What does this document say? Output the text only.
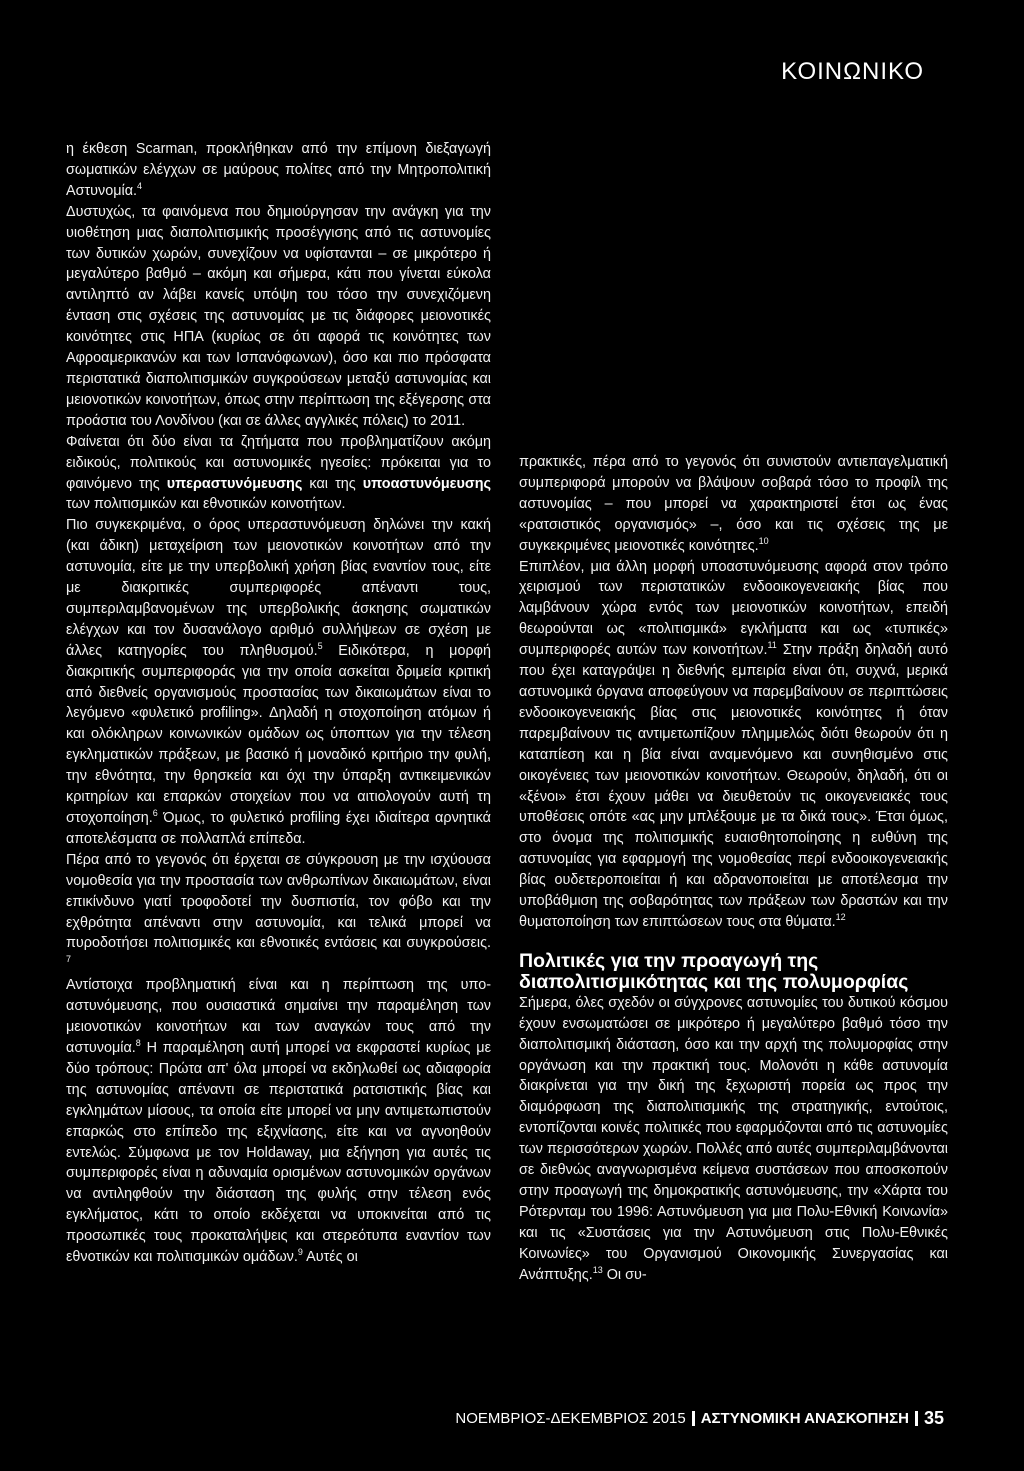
ΚΟΙΝΩΝΙΚΟ

η έκθεση Scarman, προκλήθηκαν από την επίμονη διεξαγωγή σωματικών ελέγχων σε μαύρους πολίτες από την Μητροπολιτική Αστυνομία.$^4$

Δυστυχώς, τα φαινόμενα που δημιούργησαν την ανάγκη για την υιοθέτηση μιας διαπολιτισμικής προσέγγισης από τις αστυνομίες των δυτικών χωρών, συνεχίζουν να υφίστανται – σε μικρότερο ή μεγαλύτερο βαθμό – ακόμη και σήμερα, κάτι που γίνεται εύκολα αντιληπτό αν λάβει κανείς υπόψη του τόσο την συνεχιζόμενη ένταση στις σχέσεις της αστυνομίας με τις διάφορες μειονοτικές κοινότητες στις ΗΠΑ (κυρίως σε ότι αφορά τις κοινότητες των Αφροαμερικανών και των Ισπανόφωνων), όσο και πιο πρόσφατα περιστατικά διαπολιτισμικών συγκρούσεων μεταξύ αστυνομίας και μειονοτικών κοινοτήτων, όπως στην περίπτωση της εξέγερσης στα προάστια του Λονδίνου (και σε άλλες αγγλικές πόλεις) το 2011.

Φαίνεται ότι δύο είναι τα ζητήματα που προβληματίζουν ακόμη ειδικούς, πολιτικούς και αστυνομικές ηγεσίες: πρόκειται για το φαινόμενο της υπεραστυνόμευσης και της υποαστυνόμευσης των πολιτισμικών και εθνοτικών κοινοτήτων.

Πιο συγκεκριμένα, ο όρος υπεραστυνόμευση δηλώνει την κακή (και άδικη) μεταχείριση των μειονοτικών κοινοτήτων από την αστυνομία, είτε με την υπερβολική χρήση βίας εναντίον τους, είτε με διακριτικές συμπεριφορές απέναντι τους, συμπεριλαμβανομένων της υπερβολικής άσκησης σωματικών ελέγχων και τον δυσανάλογο αριθμό συλλήψεων σε σχέση με άλλες κατηγορίες του πληθυσμού.$^5$ Ειδικότερα, η μορφή διακριτικής συμπεριφοράς για την οποία ασκείται δριμεία κριτική από διεθνείς οργανισμούς προστασίας των δικαιωμάτων είναι το λεγόμενο «φυλετικό profiling». Δηλαδή η στοχοποίηση ατόμων ή και ολόκληρων κοινωνικών ομάδων ως ύποπτων για την τέλεση εγκληματικών πράξεων, με βασικό ή μοναδικό κριτήριο την φυλή, την εθνότητα, την θρησκεία και όχι την ύπαρξη αντικειμενικών κριτηρίων και επαρκών στοιχείων που να αιτιολογούν αυτή τη στοχοποίηση.$^6$ Όμως, το φυλετικό profiling έχει ιδιαίτερα αρνητικά αποτελέσματα σε πολλαπλά επίπεδα.

Πέρα από το γεγονός ότι έρχεται σε σύγκρουση με την ισχύουσα νομοθεσία για την προστασία των ανθρωπίνων δικαιωμάτων, είναι επικίνδυνο γιατί τροφοδοτεί την δυσπιστία, τον φόβο και την εχθρότητα απέναντι στην αστυνομία, και τελικά μπορεί να πυροδοτήσει πολιτισμικές και εθνοτικές εντάσεις και συγκρούσεις. $^7$

Αντίστοιχα προβληματική είναι και η περίπτωση της υπο-αστυνόμευσης, που ουσιαστικά σημαίνει την παραμέληση των μειονοτικών κοινοτήτων και των αναγκών τους από την αστυνομία.$^8$ Η παραμέληση αυτή μπορεί να εκφραστεί κυρίως με δύο τρόπους: Πρώτα απ' όλα μπορεί να εκδηλωθεί ως αδιαφορία της αστυνομίας απέναντι σε περιστατικά ρατσιστικής βίας και εγκλημάτων μίσους, τα οποία είτε μπορεί να μην αντιμετωπιστούν επαρκώς στο επίπεδο της εξιχνίασης, είτε και να αγνοηθούν εντελώς. Σύμφωνα με τον Holdaway, μια εξήγηση για αυτές τις συμπεριφορές είναι η αδυναμία ορισμένων αστυνομικών οργάνων να αντιληφθούν την διάσταση της φυλής στην τέλεση ενός εγκλήματος, κάτι το οποίο εκδέχεται να υποκινείται από τις προσωπικές τους προκαταλήψεις και στερεότυπα εναντίον των εθνοτικών και πολιτισμικών ομάδων.$^9$ Αυτές οι

πρακτικές, πέρα από το γεγονός ότι συνιστούν αντιεπαγελματική συμπεριφορά μπορούν να βλάψουν σοβαρά τόσο το προφίλ της αστυνομίας – που μπορεί να χαρακτηριστεί έτσι ως ένας «ρατσιστικός οργανισμός» –, όσο και τις σχέσεις της με συγκεκριμένες μειονοτικές κοινότητες.$^{10}$

Επιπλέον, μια άλλη μορφή υποαστυνόμευσης αφορά στον τρόπο χειρισμού των περιστατικών ενδοοικογενειακής βίας που λαμβάνουν χώρα εντός των μειονοτικών κοινοτήτων, επειδή θεωρούνται ως «πολιτισμικά» εγκλήματα και ως «τυπικές» συμπεριφορές αυτών των κοινοτήτων.$^{11}$ Στην πράξη δηλαδή αυτό που έχει καταγράψει η διεθνής εμπειρία είναι ότι, συχνά, μερικά αστυνομικά όργανα αποφεύγουν να παρεμβαίνουν σε περιπτώσεις ενδοοικογενειακής βίας στις μειονοτικές κοινότητες ή όταν παρεμβαίνουν τις αντιμετωπίζουν πλημμελώς διότι θεωρούν ότι η καταπίεση και η βία είναι αναμενόμενο και συνηθισμένο στις οικογένειες των μειονοτικών κοινοτήτων. Θεωρούν, δηλαδή, ότι οι «ξένοι» έτσι έχουν μάθει να διευθετούν τις οικογενειακές τους υποθέσεις οπότε «ας μην μπλέξουμε με τα δικά τους». Έτσι όμως, στο όνομα της πολιτισμικής ευαισθητοποίησης η ευθύνη της αστυνομίας για εφαρμογή της νομοθεσίας περί ενδοοικογενειακής βίας ουδετεροποιείται ή και αδρανοποιείται με αποτέλεσμα την υποβάθμιση της σοβαρότητας των πράξεων των δραστών και την θυματοποίηση των επιπτώσεων τους στα θύματα.$^{12}$

Πολιτικές για την προαγωγή της διαπολιτισμικότητας και της πολυμορφίας

Σήμερα, όλες σχεδόν οι σύγχρονες αστυνομίες του δυτικού κόσμου έχουν ενσωματώσει σε μικρότερο ή μεγαλύτερο βαθμό τόσο την διαπολιτισμική διάσταση, όσο και την αρχή της πολυμορφίας στην οργάνωση και την πρακτική τους. Μολονότι η κάθε αστυνομία διακρίνεται για την δική της ξεχωριστή πορεία ως προς την διαμόρφωση της διαπολιτισμικής της στρατηγικής, εντούτοις, εντοπίζονται κοινές πολιτικές που εφαρμόζονται από τις αστυνομίες των περισσότερων χωρών. Πολλές από αυτές συμπεριλαμβάνονται σε διεθνώς αναγνωρισμένα κείμενα συστάσεων που αποσκοπούν στην προαγωγή της δημοκρατικής αστυνόμευσης, την «Χάρτα του Ρότερνταμ του 1996: Αστυνόμευση για μια Πολυ-Εθνική Κοινωνία» και τις «Συστάσεις για την Αστυνόμευση στις Πολυ-Εθνικές Κοινωνίες» του Οργανισμού Οικονομικής Συνεργασίας και Ανάπτυξης.$^{13}$ Οι συ-

ΝΟΕΜΒΡΙΟΣ-ΔΕΚΕΜΒΡΙΟΣ 2015 ΑΣΤΥΝΟΜΙΚΗ ΑΝΑΣΚΟΠΗΣΗ 35
